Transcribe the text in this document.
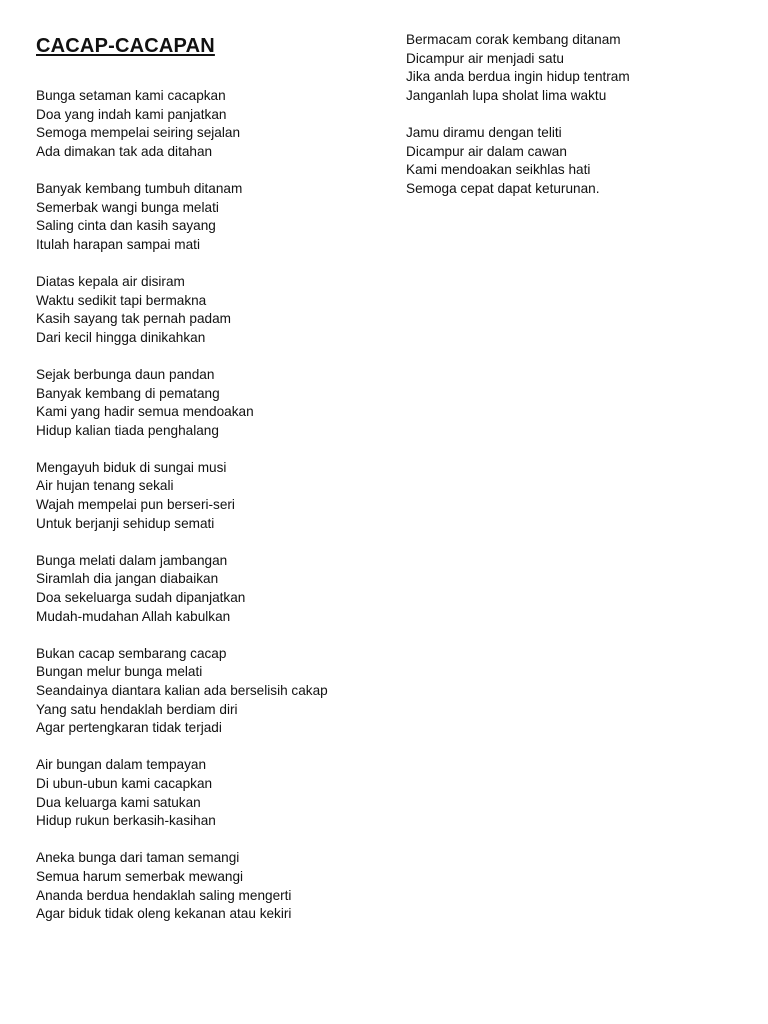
CACAP-CACAPAN
Bunga setaman kami cacapkan
Doa yang indah kami panjatkan
Semoga mempelai seiring sejalan
Ada dimakan tak ada ditahan
Banyak kembang tumbuh ditanam
Semerbak wangi bunga melati
Saling cinta dan kasih sayang
Itulah harapan sampai mati
Diatas kepala air disiram
Waktu sedikit tapi bermakna
Kasih sayang tak pernah padam
Dari kecil hingga dinikahkan
Sejak berbunga daun pandan
Banyak kembang di pematang
Kami yang hadir semua mendoakan
Hidup kalian tiada penghalang
Mengayuh biduk di sungai musi
Air hujan tenang sekali
Wajah mempelai pun berseri-seri
Untuk berjanji sehidup semati
Bunga melati dalam jambangan
Siramlah dia jangan diabaikan
Doa sekeluarga sudah dipanjatkan
Mudah-mudahan Allah kabulkan
Bukan cacap sembarang cacap
Bungan melur bunga melati
Seandainya diantara kalian ada berselisih cakap
Yang satu hendaklah berdiam diri
Agar pertengkaran tidak terjadi
Air bungan dalam tempayan
Di ubun-ubun kami cacapkan
Dua keluarga kami satukan
Hidup rukun berkasih-kasihan
Aneka bunga dari taman semangi
Semua harum semerbak mewangi
Ananda berdua hendaklah saling mengerti
Agar biduk tidak oleng kekanan atau kekiri
Bermacam corak kembang ditanam
Dicampur air menjadi satu
Jika anda berdua ingin hidup tentram
Janganlah lupa sholat lima waktu
Jamu diramu dengan teliti
Dicampur air dalam cawan
Kami mendoakan seikhlas hati
Semoga cepat dapat keturunan.
